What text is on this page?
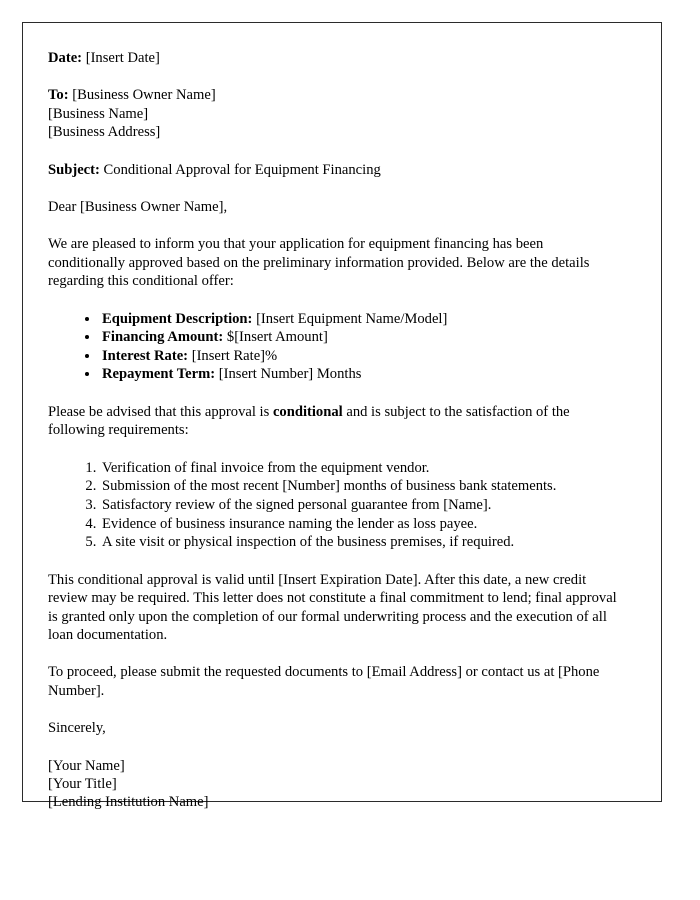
Date: [Insert Date]
To: [Business Owner Name]
[Business Name]
[Business Address]
Subject: Conditional Approval for Equipment Financing
Dear [Business Owner Name],
We are pleased to inform you that your application for equipment financing has been conditionally approved based on the preliminary information provided. Below are the details regarding this conditional offer:
• Equipment Description: [Insert Equipment Name/Model]
• Financing Amount: $[Insert Amount]
• Interest Rate: [Insert Rate]%
• Repayment Term: [Insert Number] Months
Please be advised that this approval is conditional and is subject to the satisfaction of the following requirements:
1. Verification of final invoice from the equipment vendor.
2. Submission of the most recent [Number] months of business bank statements.
3. Satisfactory review of the signed personal guarantee from [Name].
4. Evidence of business insurance naming the lender as loss payee.
5. A site visit or physical inspection of the business premises, if required.
This conditional approval is valid until [Insert Expiration Date]. After this date, a new credit review may be required. This letter does not constitute a final commitment to lend; final approval is granted only upon the completion of our formal underwriting process and the execution of all loan documentation.
To proceed, please submit the requested documents to [Email Address] or contact us at [Phone Number].
Sincerely,
[Your Name]
[Your Title]
[Lending Institution Name]
